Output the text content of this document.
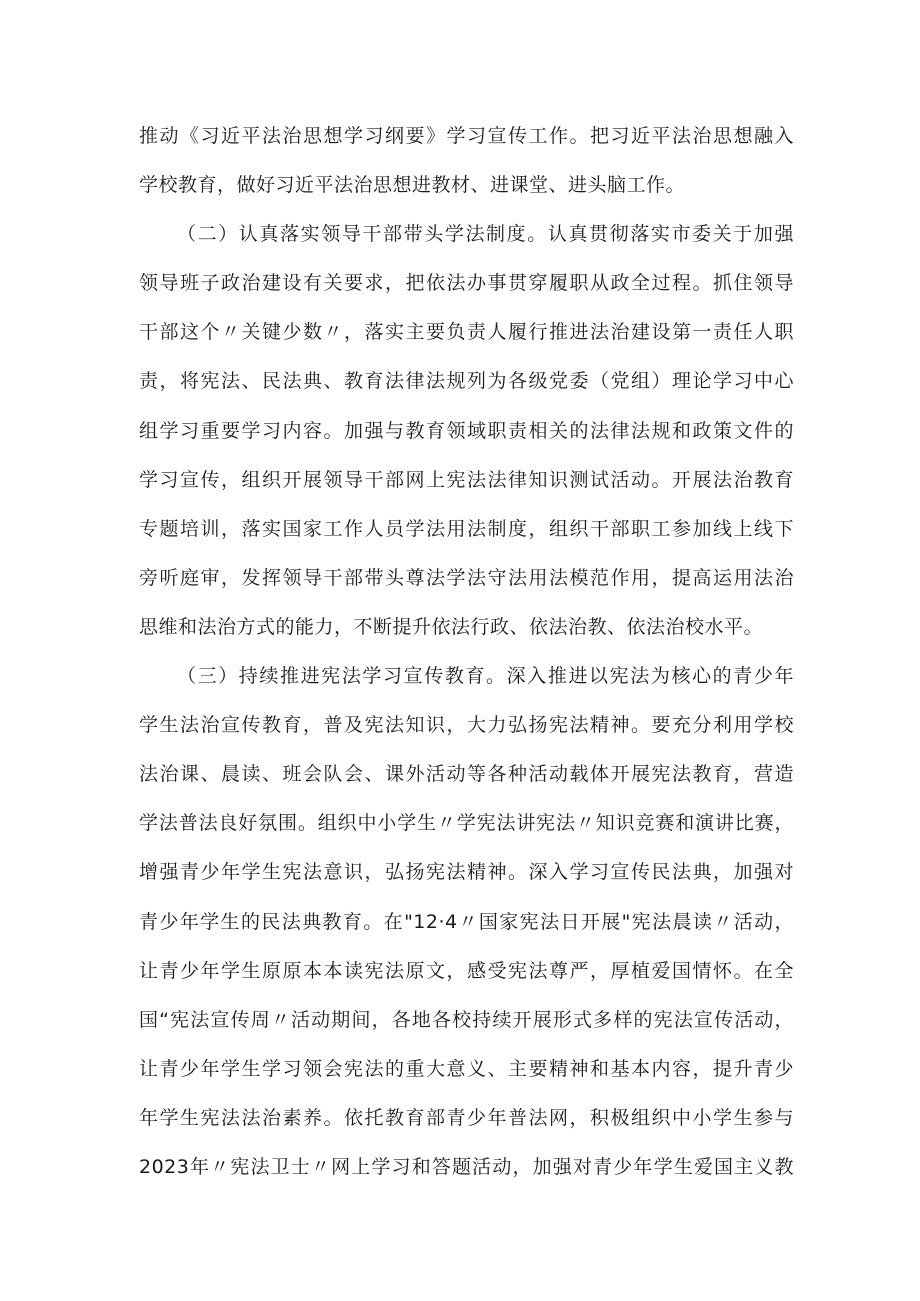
推动《习近平法治思想学习纲要》学习宣传工作。把习近平法治思想融入
学校教育，做好习近平法治思想进教材、进课堂、进头脑工作。
（二）认真落实领导干部带头学法制度。认真贯彻落实市委关于加强
领导班子政治建设有关要求，把依法办事贯穿履职从政全过程。抓住领导
干部这个〃关键少数〃，落实主要负责人履行推进法治建设第一责任人职
责，将宪法、民法典、教育法律法规列为各级党委（党组）理论学习中心
组学习重要学习内容。加强与教育领域职责相关的法律法规和政策文件的
学习宣传，组织开展领导干部网上宪法法律知识测试活动。开展法治教育
专题培训，落实国家工作人员学法用法制度，组织干部职工参加线上线下
旁听庭审，发挥领导干部带头尊法学法守法用法模范作用，提高运用法治
思维和法治方式的能力，不断提升依法行政、依法治教、依法治校水平。
（三）持续推进宪法学习宣传教育。深入推进以宪法为核心的青少年
学生法治宣传教育，普及宪法知识，大力弘扬宪法精神。要充分利用学校
法治课、晨读、班会队会、课外活动等各种活动载体开展宪法教育，营造
学法普法良好氛围。组织中小学生〃学宪法讲宪法〃知识竞赛和演讲比赛，
增强青少年学生宪法意识，弘扬宪法精神。深入学习宣传民法典，加强对
青少年学生的民法典教育。在"12·4〃国家宪法日开展"宪法晨读〃活动，
让青少年学生原原本本读宪法原文，感受宪法尊严，厚植爱国情怀。在全
国“宪法宣传周〃活动期间，各地各校持续开展形式多样的宪法宣传活动，
让青少年学生学习领会宪法的重大意义、主要精神和基本内容，提升青少
年学生宪法法治素养。依托教育部青少年普法网，积极组织中小学生参与
2023年〃宪法卫士〃网上学习和答题活动，加强对青少年学生爱国主义教
